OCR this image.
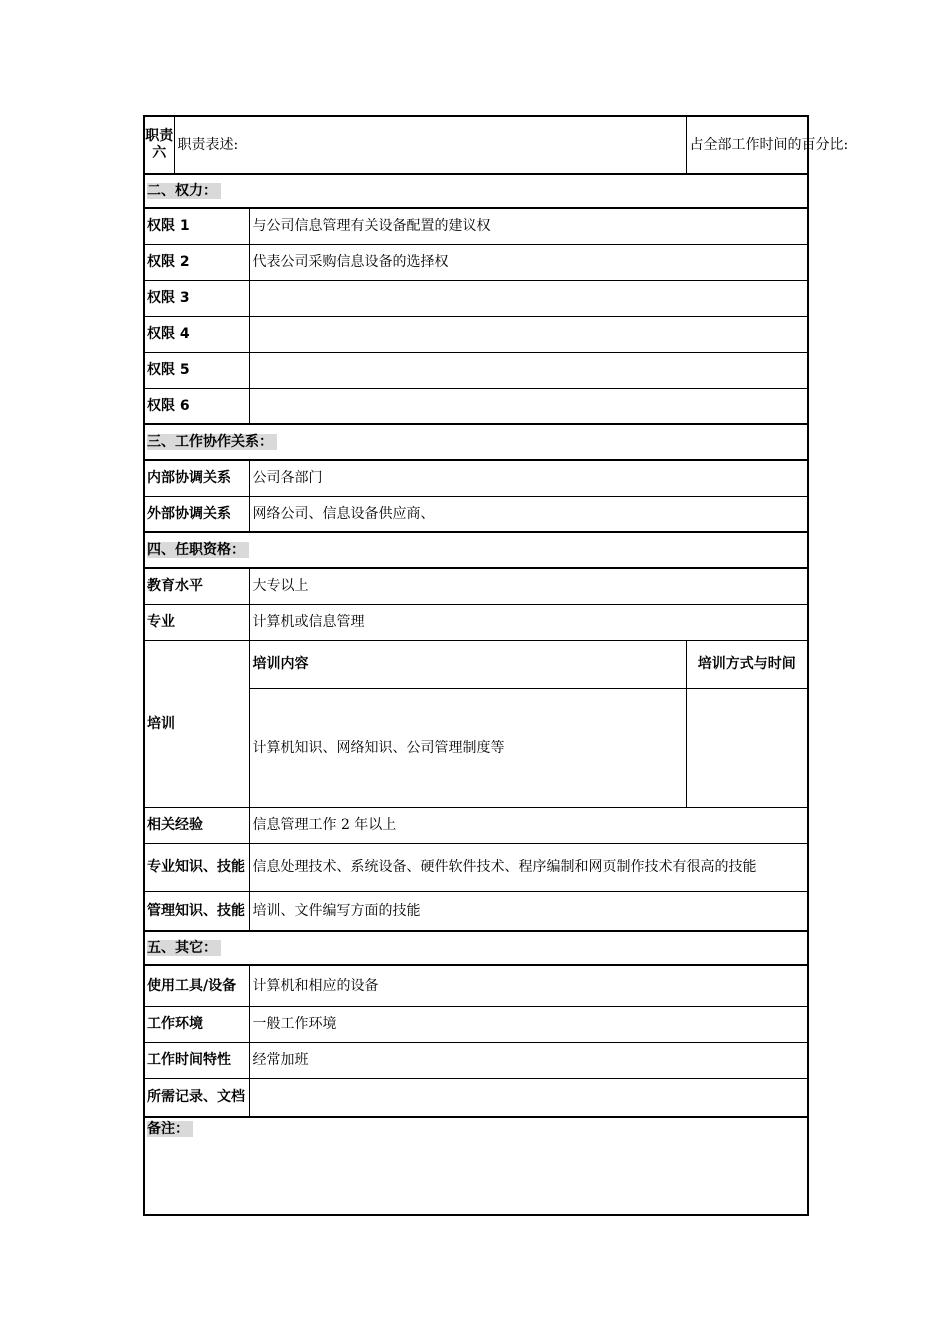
职责六	职责表述:		占全部工作时间的百分比:
二、权力：			
权限 1		与公司信息管理有关设备配置的建议权	
权限 2		代表公司采购信息设备的选择权	
权限 3			
权限 4			
权限 5			
权限 6			
三、工作协作关系：			
内部协调关系		公司各部门	
外部协调关系		网络公司、信息设备供应商、	
四、任职资格：			
教育水平		大专以上	
专业		计算机或信息管理	
培训		培训内容	培训方式与时间
		计算机知识、网络知识、公司管理制度等	
相关经验		信息管理工作 2 年以上	
专业知识、技能		信息处理技术、系统设备、硬件软件技术、程序编制和网页制作技术有很高的技能	
管理知识、技能		培训、文件编写方面的技能	
五、其它：			
使用工具/设备		计算机和相应的设备	
工作环境		一般工作环境	
工作时间特性		经常加班	
所需记录、文档			
备注：			
